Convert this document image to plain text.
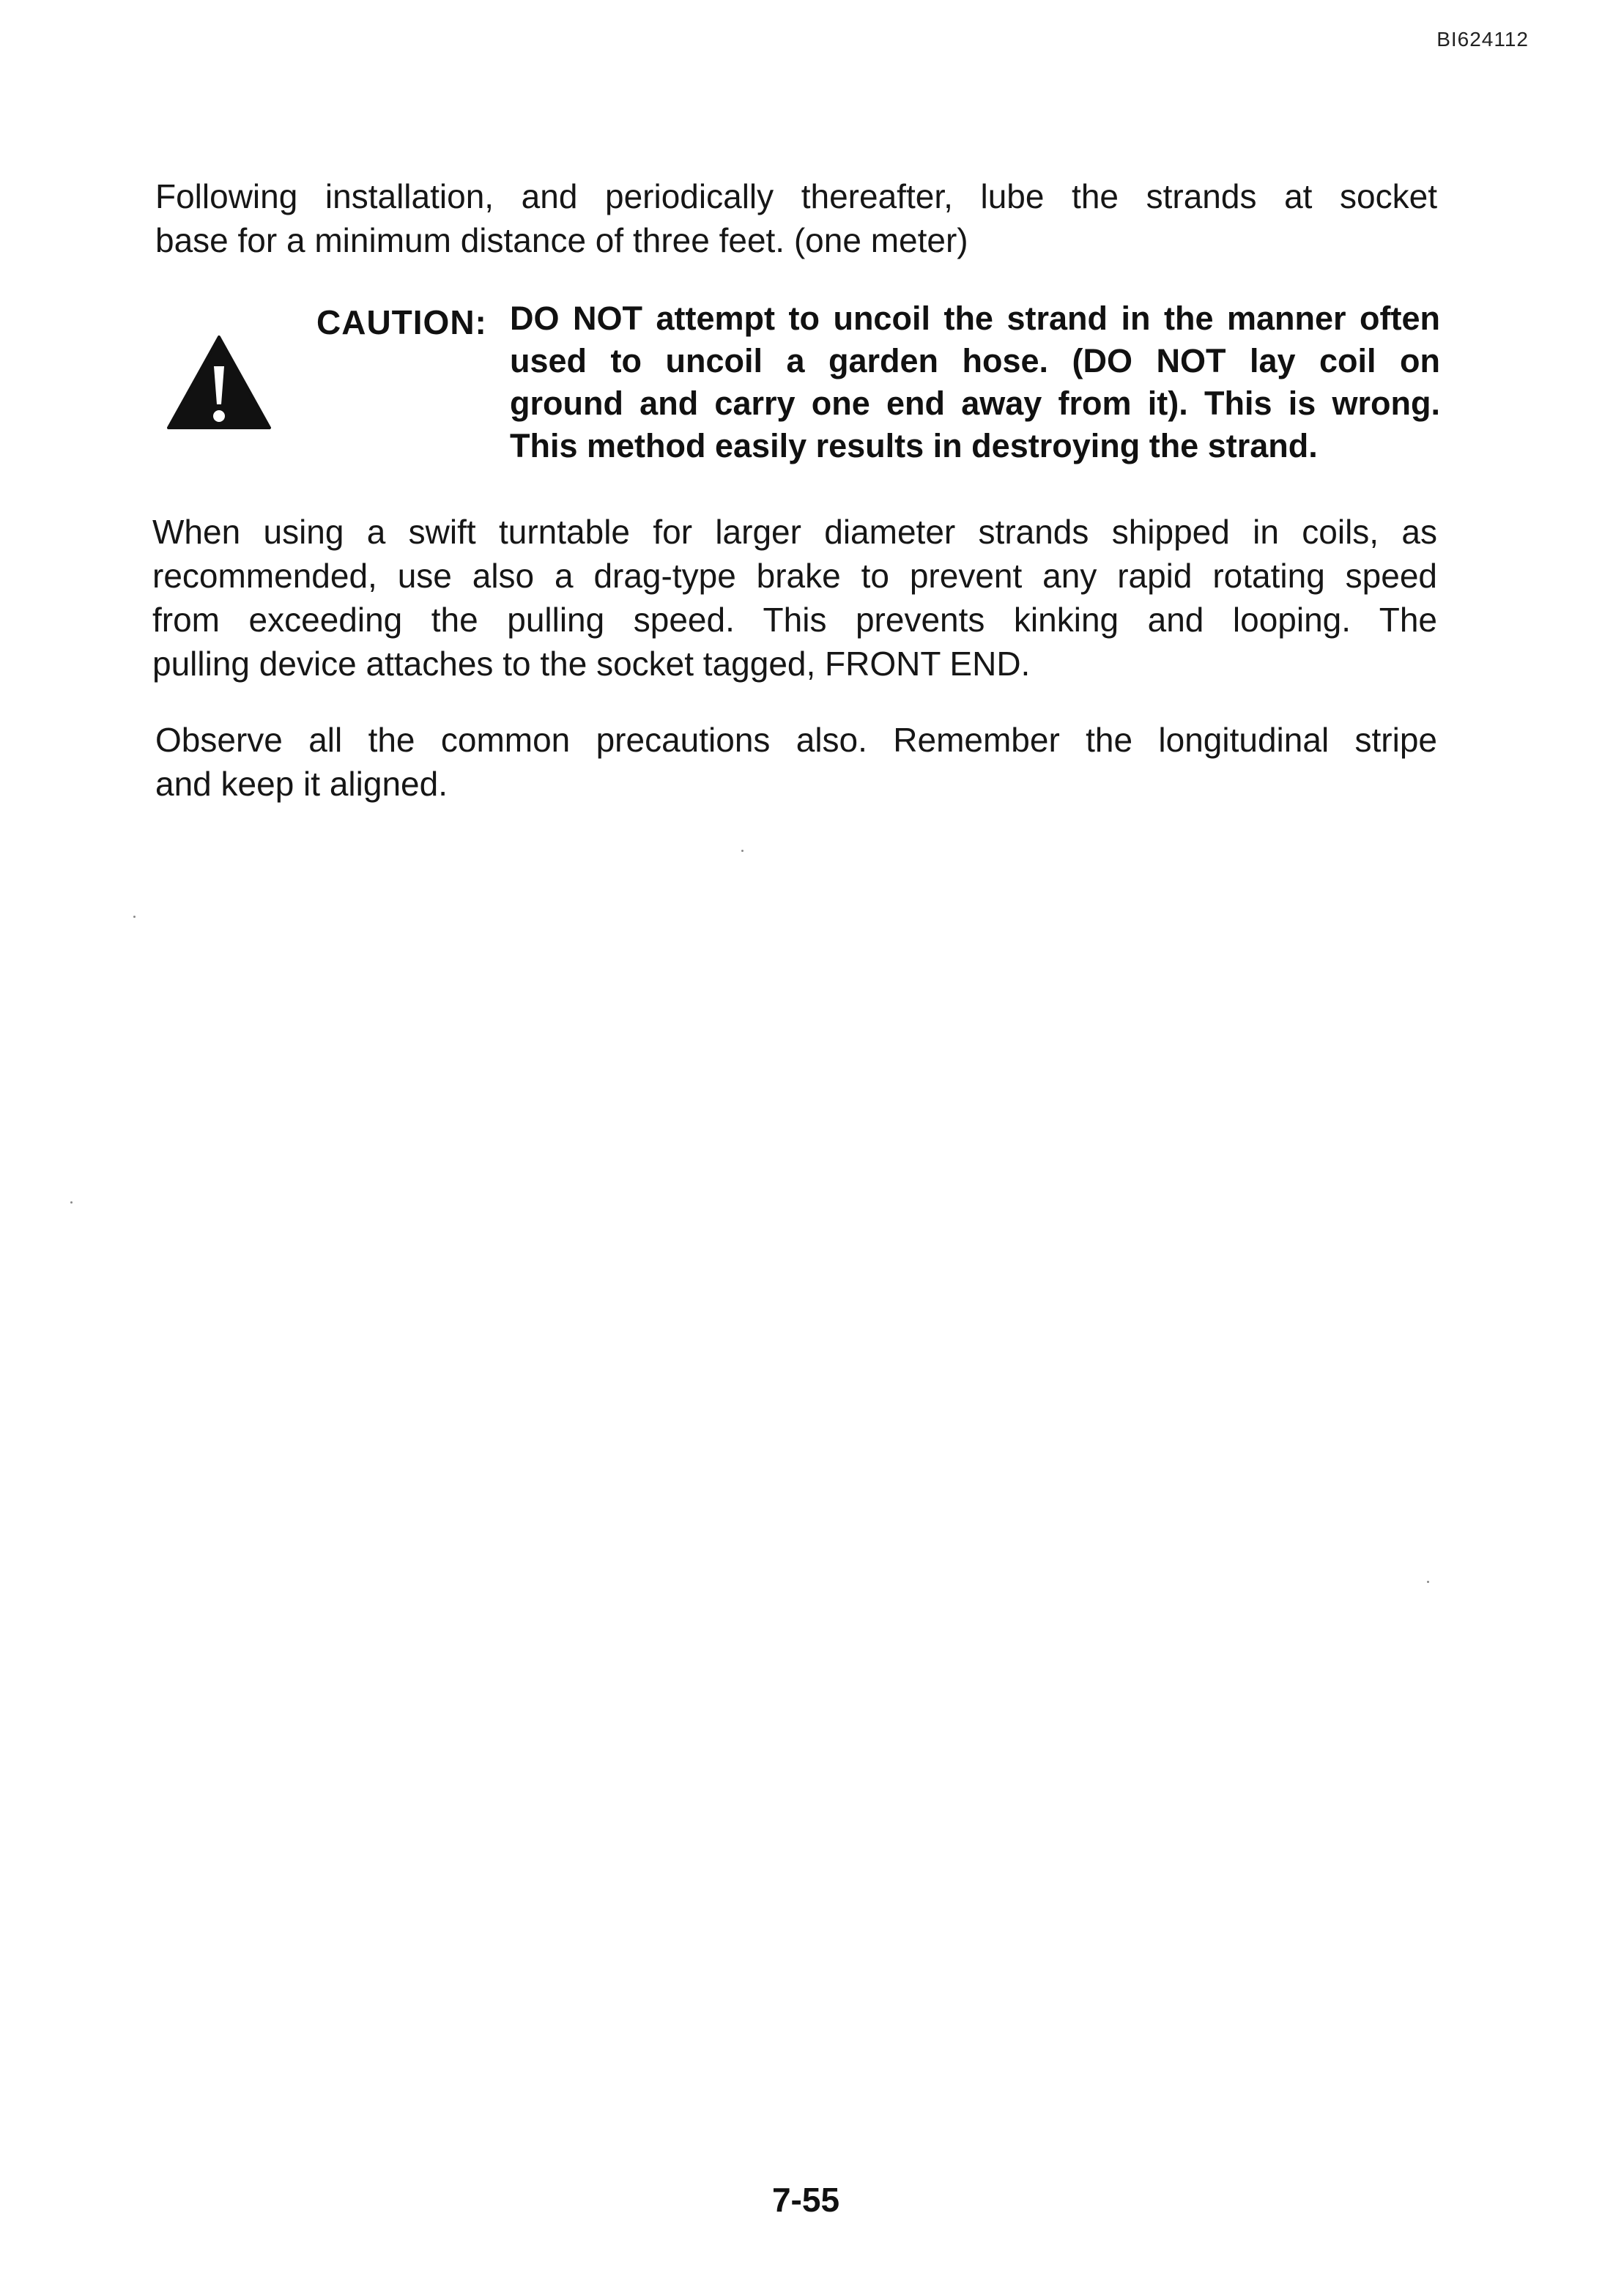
BI624112
Following installation, and periodically thereafter, lube the strands at socket
base for a minimum distance of three feet. (one meter)
CAUTION: DO NOT attempt to uncoil the strand in the manner often
used to uncoil a garden hose. (DO NOT lay coil on
ground and carry one end away from it). This is wrong.
This method easily results in destroying the strand.
When using a swift turntable for larger diameter strands shipped in coils, as
recommended, use also a drag-type brake to prevent any rapid rotating speed
from exceeding the pulling speed. This prevents kinking and looping. The
pulling device attaches to the socket tagged, FRONT END.
Observe all the common precautions also. Remember the longitudinal stripe
and keep it aligned.
7-55
